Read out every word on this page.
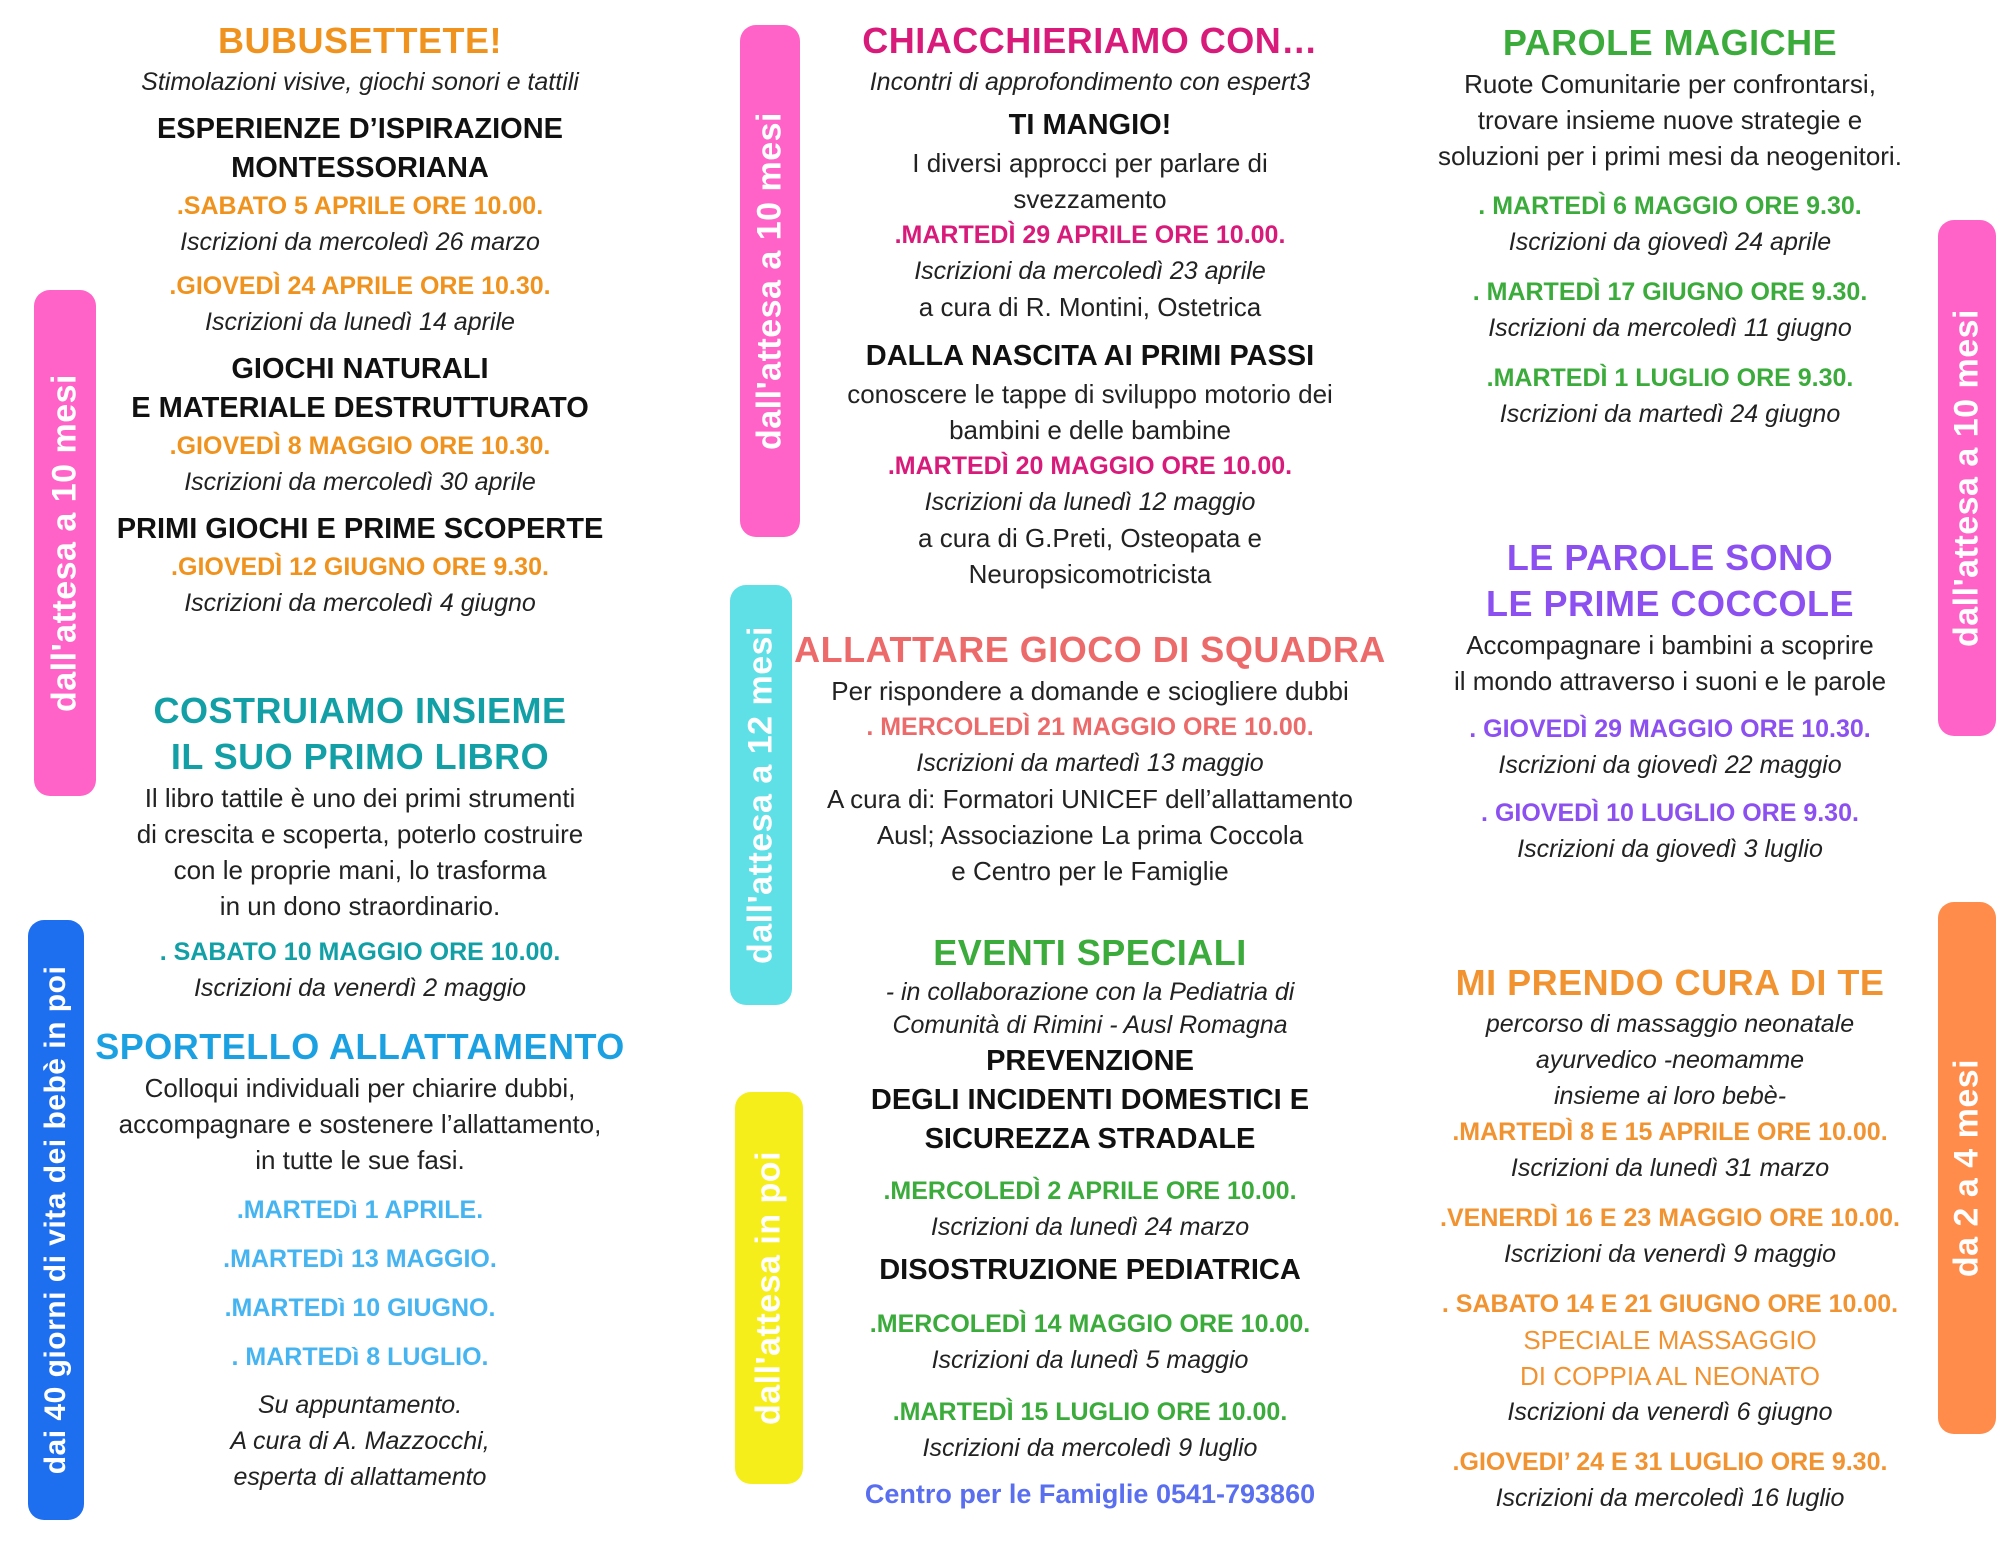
dall'attesa a 10 mesi
dai 40 giorni di vita dei bebè in poi
dall'attesa a 10 mesi
dall'attesa a 12 mesi
dall'attesa in poi
dall'attesa a 10 mesi
da 2 a 4 mesi
BUBUSETTETE!
Stimolazioni visive, giochi sonori e tattili
ESPERIENZE D’ISPIRAZIONE
MONTESSORIANA
.SABATO 5 APRILE ORE 10.00.
Iscrizioni da mercoledì 26 marzo
.GIOVEDÌ 24 APRILE ORE 10.30.
Iscrizioni da lunedì 14 aprile
GIOCHI NATURALI
E MATERIALE DESTRUTTURATO
.GIOVEDÌ 8 MAGGIO ORE 10.30.
Iscrizioni da mercoledì 30 aprile
PRIMI GIOCHI E PRIME SCOPERTE
.GIOVEDÌ 12 GIUGNO ORE 9.30.
Iscrizioni da mercoledì 4 giugno
COSTRUIAMO INSIEME
IL SUO PRIMO LIBRO
Il libro tattile è uno dei primi strumenti
di crescita e scoperta, poterlo costruire
con le proprie mani, lo trasforma
in un dono straordinario.
. SABATO 10 MAGGIO ORE 10.00.
Iscrizioni da venerdì 2 maggio
SPORTELLO ALLATTAMENTO
Colloqui individuali per chiarire dubbi,
accompagnare e sostenere l’allattamento,
in tutte le sue fasi.
.MARTEDì 1 APRILE.
.MARTEDì 13 MAGGIO.
.MARTEDì 10 GIUGNO.
. MARTEDì 8 LUGLIO.
Su appuntamento.
A cura di A. Mazzocchi,
esperta di allattamento
CHIACCHIERIAMO CON…
Incontri di approfondimento con espert3
TI MANGIO!
I diversi approcci per parlare di
svezzamento
.MARTEDÌ 29 APRILE ORE 10.00.
Iscrizioni da mercoledì 23 aprile
a cura di R. Montini, Ostetrica
DALLA NASCITA AI PRIMI PASSI
conoscere le tappe di sviluppo motorio dei
bambini e delle bambine
.MARTEDÌ 20 MAGGIO ORE 10.00.
Iscrizioni da lunedì 12 maggio
a cura di G.Preti, Osteopata e
Neuropsicomotricista
ALLATTARE GIOCO DI SQUADRA
Per rispondere a domande e sciogliere dubbi
. MERCOLEDÌ 21 MAGGIO ORE 10.00.
Iscrizioni da martedì 13 maggio
A cura di: Formatori UNICEF dell’allattamento
Ausl; Associazione La prima Coccola
e Centro per le Famiglie
EVENTI SPECIALI
- in collaborazione con la Pediatria di
Comunità di Rimini - Ausl Romagna
PREVENZIONE
DEGLI INCIDENTI DOMESTICI E
SICUREZZA STRADALE
.MERCOLEDÌ 2 APRILE ORE 10.00.
Iscrizioni da lunedì 24 marzo
DISOSTRUZIONE PEDIATRICA
.MERCOLEDÌ 14 MAGGIO ORE 10.00.
Iscrizioni da lunedì 5 maggio
.MARTEDÌ 15 LUGLIO ORE 10.00.
Iscrizioni da mercoledì 9 luglio
Centro per le Famiglie 0541-793860
PAROLE MAGICHE
Ruote Comunitarie per confrontarsi,
trovare insieme nuove strategie e
soluzioni per i primi mesi da neogenitori.
. MARTEDÌ 6 MAGGIO ORE 9.30.
Iscrizioni da giovedì 24 aprile
. MARTEDÌ 17 GIUGNO ORE 9.30.
Iscrizioni da mercoledì 11 giugno
.MARTEDÌ 1 LUGLIO ORE 9.30.
Iscrizioni da martedì 24 giugno
LE PAROLE SONO
LE PRIME COCCOLE
Accompagnare i bambini a scoprire
il mondo attraverso i suoni e le parole
. GIOVEDÌ 29 MAGGIO ORE 10.30.
Iscrizioni da giovedì 22 maggio
. GIOVEDÌ 10 LUGLIO ORE 9.30.
Iscrizioni da giovedì 3 luglio
MI PRENDO CURA DI TE
percorso di massaggio neonatale
ayurvedico -neomamme
insieme ai loro bebè-
.MARTEDÌ 8 E 15 APRILE ORE 10.00.
Iscrizioni da lunedì 31 marzo
.VENERDÌ 16 E 23 MAGGIO ORE 10.00.
Iscrizioni da venerdì 9 maggio
. SABATO 14 E 21 GIUGNO ORE 10.00.
SPECIALE MASSAGGIO
DI COPPIA AL NEONATO
Iscrizioni da venerdì 6 giugno
.GIOVEDI’ 24 E 31 LUGLIO ORE 9.30.
Iscrizioni da mercoledì 16 luglio
